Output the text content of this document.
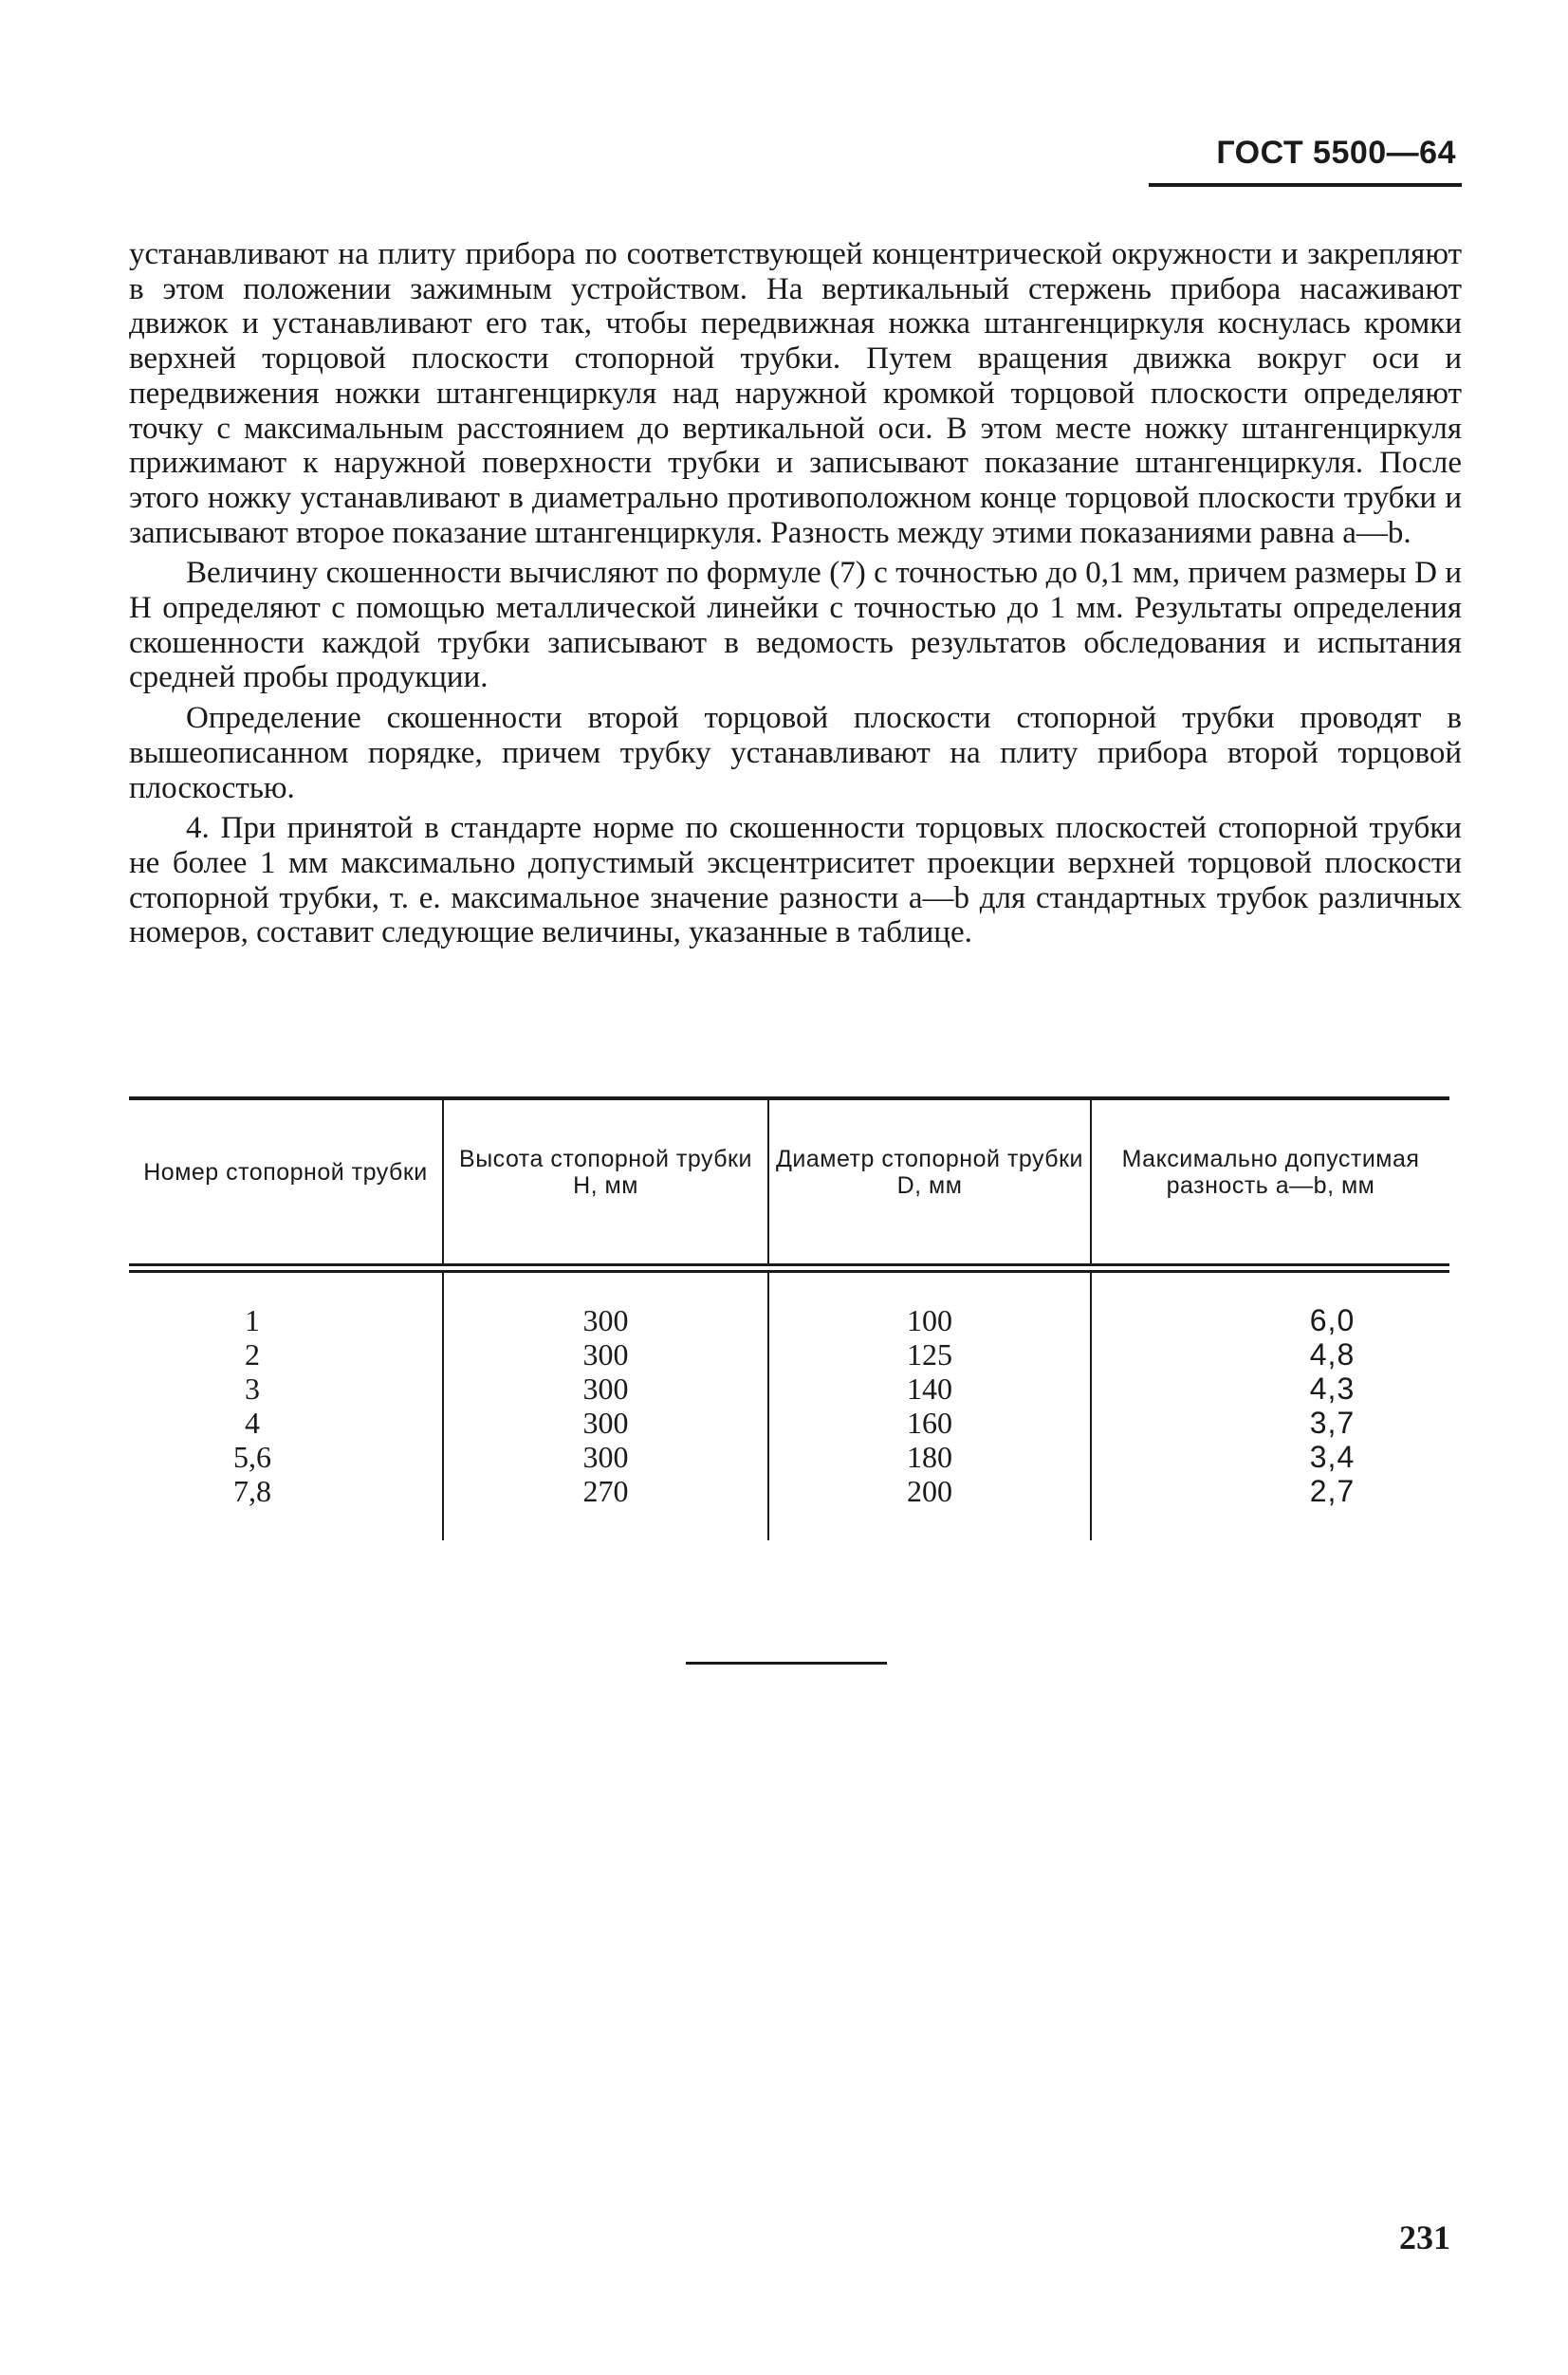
ГОСТ 5500—64

устанавливают на плиту прибора по соответствующей концентрической окружности и закрепляют в этом положении зажимным устройством. На вертикальный стержень прибора насаживают движок и устанавливают его так, чтобы передвижная ножка штангенциркуля коснулась кромки верхней торцовой плоскости стопорной трубки. Путем вращения движка вокруг оси и передвижения ножки штангенциркуля над наружной кромкой торцовой плоскости определяют точку с максимальным расстоянием до вертикальной оси. В этом месте ножку штангенциркуля прижимают к наружной поверхности трубки и записывают показание штангенциркуля. После этого ножку устанавливают в диаметрально противоположном конце торцовой плоскости трубки и записывают второе показание штангенциркуля. Разность между этими показаниями равна a—b.

Величину скошенности вычисляют по формуле (7) с точностью до 0,1 мм, причем размеры D и H определяют с помощью металлической линейки с точностью до 1 мм. Результаты определения скошенности каждой трубки записывают в ведомость результатов обследования и испытания средней пробы продукции.

Определение скошенности второй торцовой плоскости стопорной трубки проводят в вышеописанном порядке, причем трубку устанавливают на плиту прибора второй торцовой плоскостью.

4. При принятой в стандарте норме по скошенности торцовых плоскостей стопорной трубки не более 1 мм максимально допустимый эксцентриситет проекции верхней торцовой плоскости стопорной трубки, т. е. максимальное значение разности a—b для стандартных трубок различных номеров, составит следующие величины, указанные в таблице.

Номер стопорной трубки	Высота стопорной трубки H, мм
Диаметр стопорной трубки D, мм
Максимально допустимая разность a—b, мм
1
2
3
4
5,6
7,8
300
300
300
300
300
270
100
125
140
160
180
200
6,0
4,8
4,3
3,7
3,4
2,7
231
